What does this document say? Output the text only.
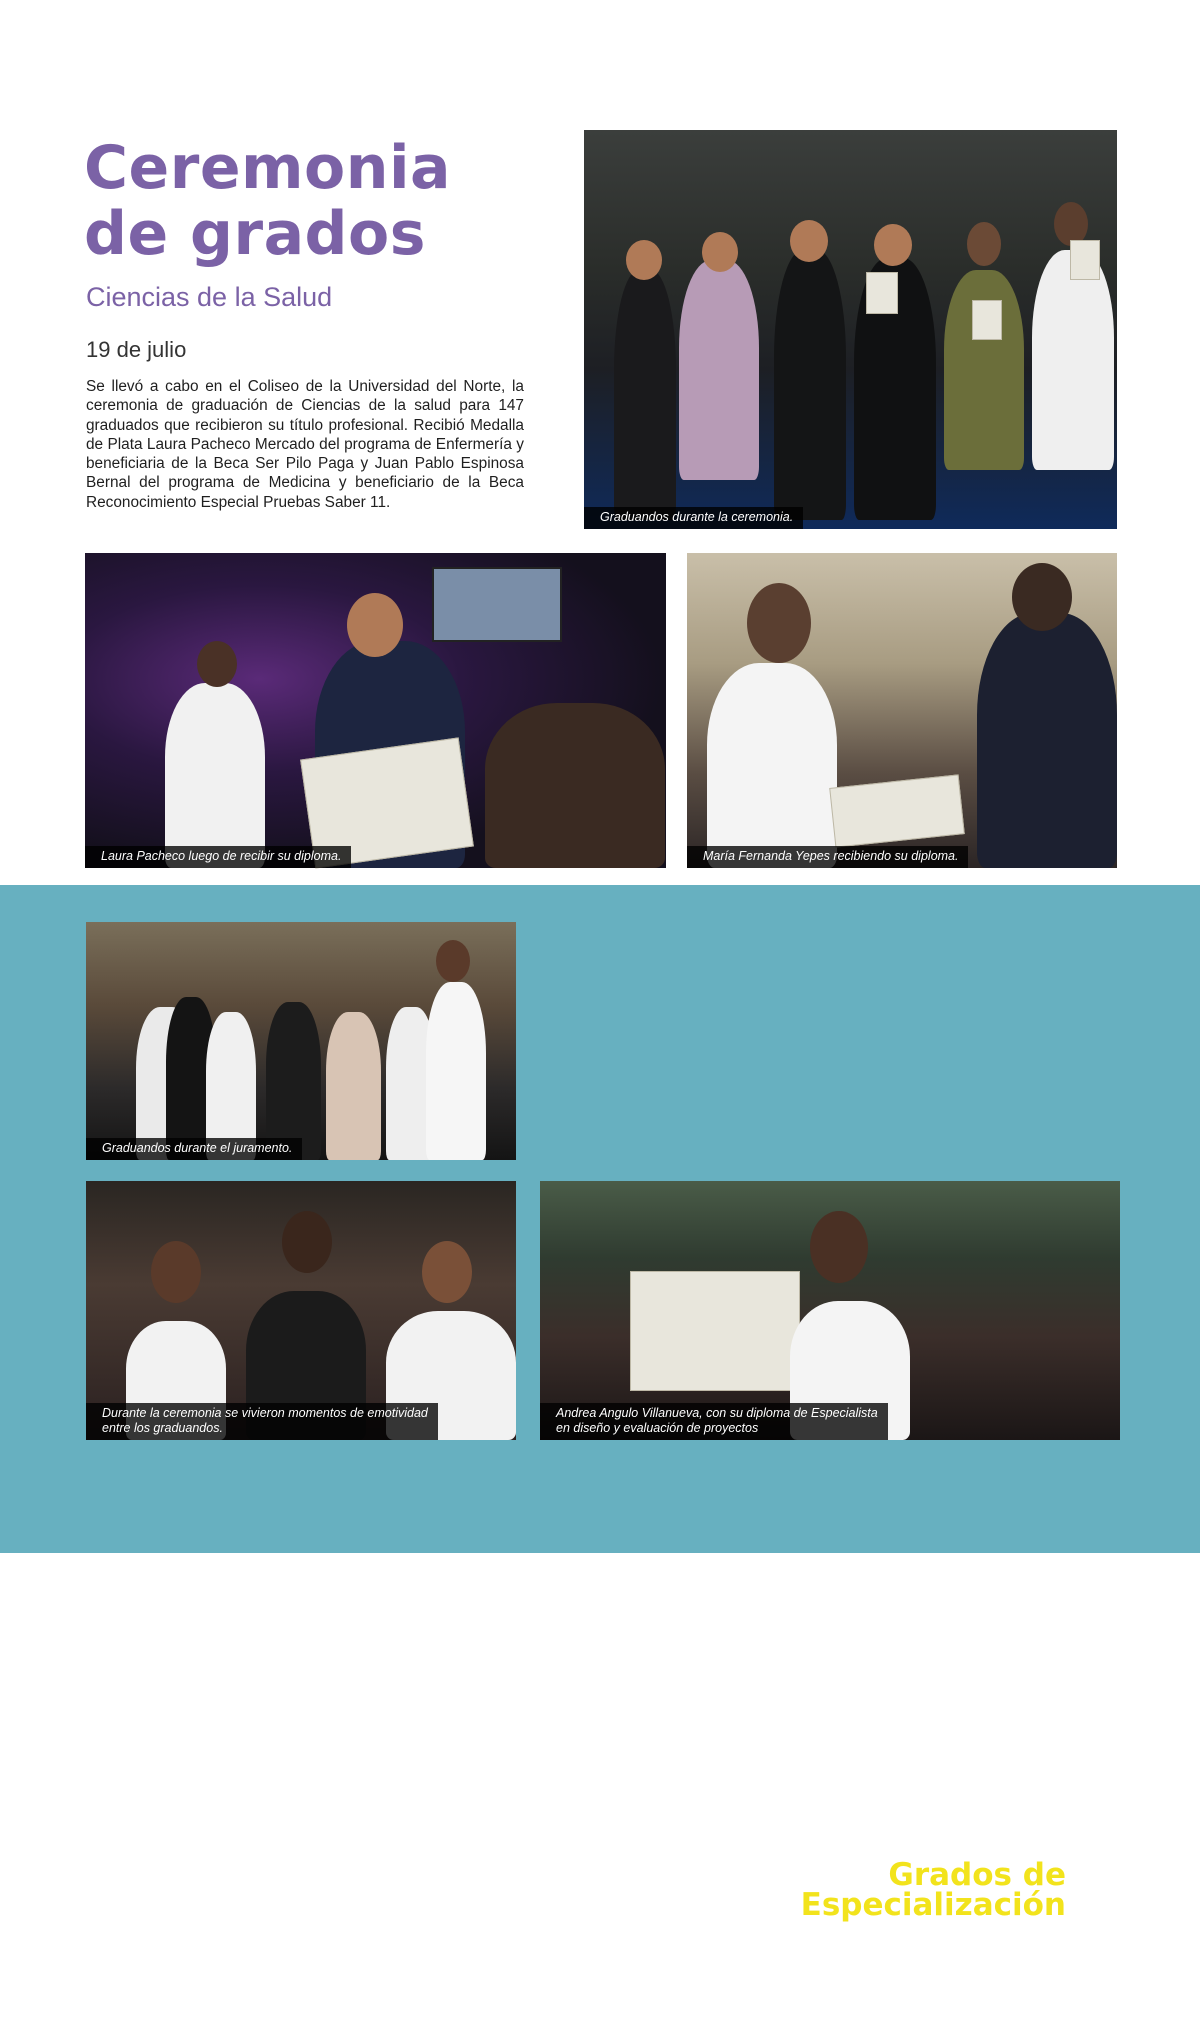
Ceremonia
de grados
Ciencias de la Salud
19 de julio

Se llevó a cabo en el Coliseo de la Universidad del Norte, la ceremonia de graduación de Ciencias de la salud para 147 graduados que recibieron su título profesional. Recibió Medalla de Plata Laura Pacheco Mercado del programa de Enfermería y beneficiaria de la Beca Ser Pilo Paga y Juan Pablo Espinosa Bernal del programa de Medicina y beneficiario de la Beca Reconocimiento Especial Pruebas Saber 11.

Graduandos durante la ceremonia.
Laura Pacheco luego de recibir su diploma.	María Fernanda Yepes recibiendo su diploma.
Graduandos durante el juramento.
Grados de
Especialización
9 de agosto

Le dimos la bienvenida a la comunidad de egresados a los 401 nuevos Especialistas que en ceremonia pública, que tomó lugar en el coliseo de la Universidad del Norte, recibieron sus títulos en las diferentes especializaciones.

Durante la ceremonia se vivieron momentos de emotividad
entre los graduandos.
Andrea Angulo Villanueva, con su diploma de Especialista
en diseño y evaluación de proyectos
